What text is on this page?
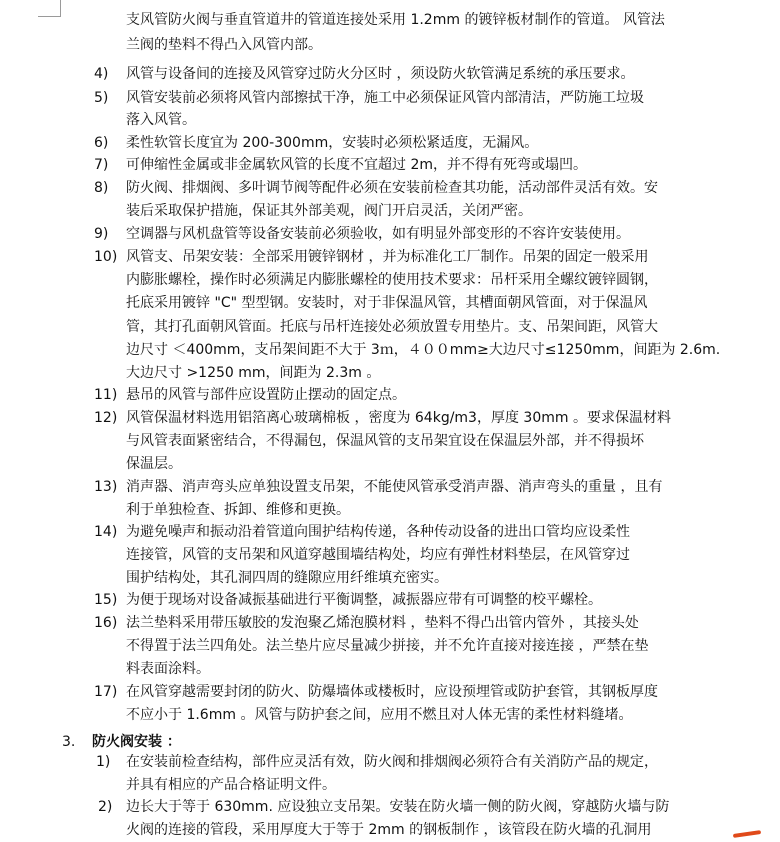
支风管防火阀与垂直管道井的管道连接处采用 1.2mm 的镀锌板材制作的管道。 风管法
兰阀的垫料不得凸入风管内部。
4)	风管与设备间的连接及风管穿过防火分区时 ，须设防火软管满足系统的承压要求。
5)	风管安装前必须将风管内部擦拭干净，施工中必须保证风管内部清洁，严防施工垃圾
落入风管。
6)	柔性软管长度宜为 200-300mm，安装时必须松紧适度，无漏风。
7)	可伸缩性金属或非金属软风管的长度不宜超过 2m，并不得有死弯或塌凹。
8)	防火阀、排烟阀、多叶调节阀等配件必须在安装前检查其功能，活动部件灵活有效。安
装后采取保护措施，保证其外部美观，阀门开启灵活，关闭严密。
9)	空调器与风机盘管等设备安装前必须验收，如有明显外部变形的不容许安装使用。
10) 风管支、吊架安装：全部采用镀锌钢材 ，并为标准化工厂制作。吊架的固定一般采用
内膨胀螺栓，操作时必须满足内膨胀螺栓的使用技术要求：吊杆采用全螺纹镀锌圆钢，
托底采用镀锌 "C" 型型钢。安装时，对于非保温风管，其槽面朝风管面，对于保温风
管，其打孔面朝风管面。托底与吊杆连接处必须放置专用垫片。支、吊架间距，风管大
边尺寸 ＜400mm，支吊架间距不大于 3ｍ，４００mm≥大边尺寸≤1250mm，间距为 2.6m.
大边尺寸 >1250 mm，间距为 2.3m 。
11) 悬吊的风管与部件应设置防止摆动的固定点。
12) 风管保温材料选用铝箔离心玻璃棉板 ，密度为 64kg/m3，厚度 30mm 。要求保温材料
与风管表面紧密结合，不得漏包，保温风管的支吊架宜设在保温层外部，并不得损坏
保温层。
13) 消声器、消声弯头应单独设置支吊架，不能使风管承受消声器、消声弯头的重量 ，且有
利于单独检查、拆卸、维修和更换。
14) 为避免噪声和振动沿着管道向围护结构传递，各种传动设备的进出口管均应设柔性
连接管，风管的支吊架和风道穿越围墙结构处，均应有弹性材料垫层，在风管穿过
围护结构处，其孔洞四周的缝隙应用纤维填充密实。
15) 为便于现场对设备减振基础进行平衡调整，减振器应带有可调整的校平螺栓。
16) 法兰垫料采用带压敏胶的发泡聚乙烯泡膜材料 ，垫料不得凸出管内管外 ，其接头处
不得置于法兰四角处。法兰垫片应尽量减少拼接，并不允许直接对接连接 ，严禁在垫
料表面涂料。
17) 在风管穿越需要封闭的防火、防爆墙体或楼板时，应设预埋管或防护套管，其钢板厚度
不应小于 1.6mm 。风管与防护套之间，应用不燃且对人体无害的柔性材料缝堵。
3. 防火阀安装 ：
1)	在安装前检查结构，部件应灵活有效，防火阀和排烟阀必须符合有关消防产品的规定，
并具有相应的产品合格证明文件。
2) 边长大于等于 630mm. 应设独立支吊架。安装在防火墙一侧的防火阀，穿越防火墙与防
火阀的连接的管段，采用厚度大于等于 2mm 的钢板制作 ，该管段在防火墙的孔洞用
